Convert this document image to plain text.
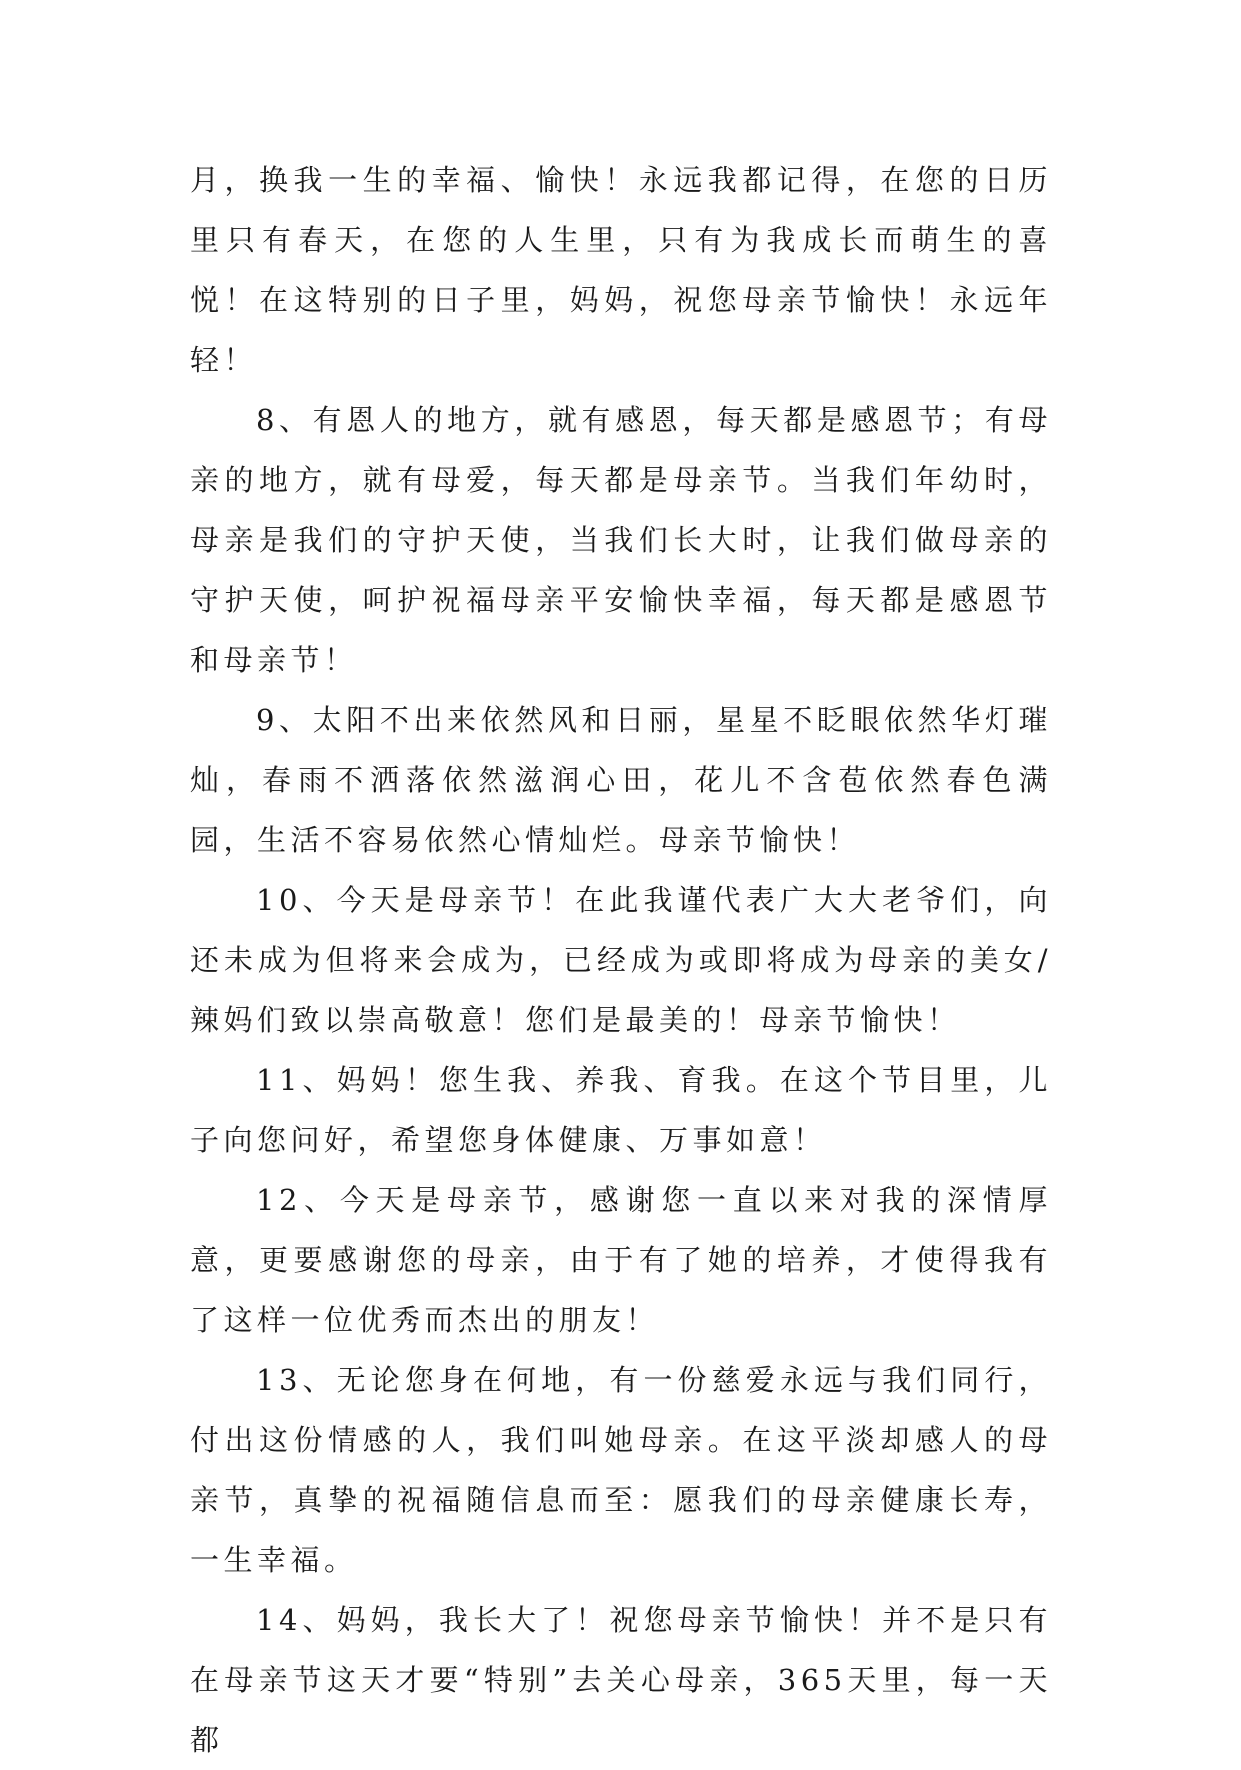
月，换我一生的幸福、愉快！永远我都记得，在您的日历里只有春天，在您的人生里，只有为我成长而萌生的喜悦！在这特别的日子里，妈妈，祝您母亲节愉快！永远年轻！

8、有恩人的地方，就有感恩，每天都是感恩节；有母亲的地方，就有母爱，每天都是母亲节。当我们年幼时，母亲是我们的守护天使，当我们长大时，让我们做母亲的守护天使，呵护祝福母亲平安愉快幸福，每天都是感恩节和母亲节！

9、太阳不出来依然风和日丽，星星不眨眼依然华灯璀灿，春雨不洒落依然滋润心田，花儿不含苞依然春色满园，生活不容易依然心情灿烂。母亲节愉快！

10、今天是母亲节！在此我谨代表广大大老爷们，向还未成为但将来会成为，已经成为或即将成为母亲的美女/辣妈们致以崇高敬意！您们是最美的！母亲节愉快！

11、妈妈！您生我、养我、育我。在这个节目里，儿子向您问好，希望您身体健康、万事如意！

12、今天是母亲节，感谢您一直以来对我的深情厚意，更要感谢您的母亲，由于有了她的培养，才使得我有了这样一位优秀而杰出的朋友！

13、无论您身在何地，有一份慈爱永远与我们同行，付出这份情感的人，我们叫她母亲。在这平淡却感人的母亲节，真挚的祝福随信息而至：愿我们的母亲健康长寿，一生幸福。

14、妈妈，我长大了！祝您母亲节愉快！并不是只有在母亲节这天才要“特别”去关心母亲，365天里，每一天都
